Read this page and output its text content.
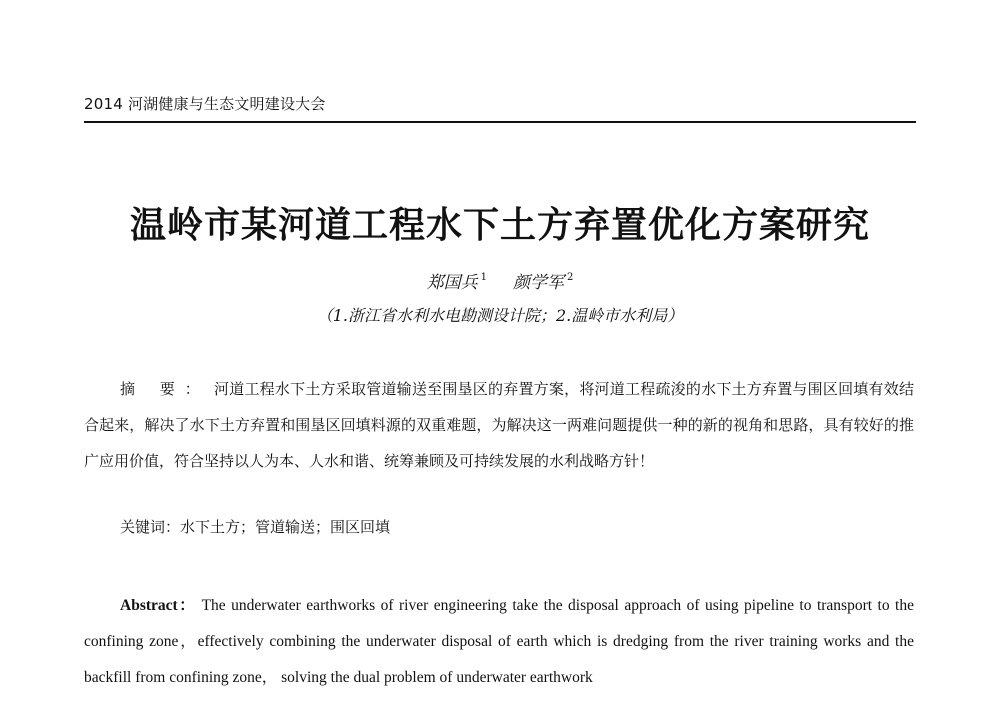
2014 河湖健康与生态文明建设大会
温岭市某河道工程水下土方弃置优化方案研究
郑国兵 $^1$ 颜学军 $^2$
（1.浙江省水利水电勘测设计院；2.温岭市水利局）
摘 要： 河道工程水下土方采取管道输送至围垦区的弃置方案，将河道工程疏浚的水下土方弃置与围区回填有效结合起来，解决了水下土方弃置和围垦区回填料源的双重难题，为解决这一两难问题提供一种的新的视角和思路，具有较好的推广应用价值，符合坚持以人为本、人水和谐、统筹兼顾及可持续发展的水利战略方针！
关键词：水下土方；管道输送；围区回填
Abstract： The underwater earthworks of river engineering take the disposal approach of using pipeline to transport to the confining zone，effectively combining the underwater disposal of earth which is dredging from the river training works and the backfill from confining zone， solving the dual problem of underwater earthwork
